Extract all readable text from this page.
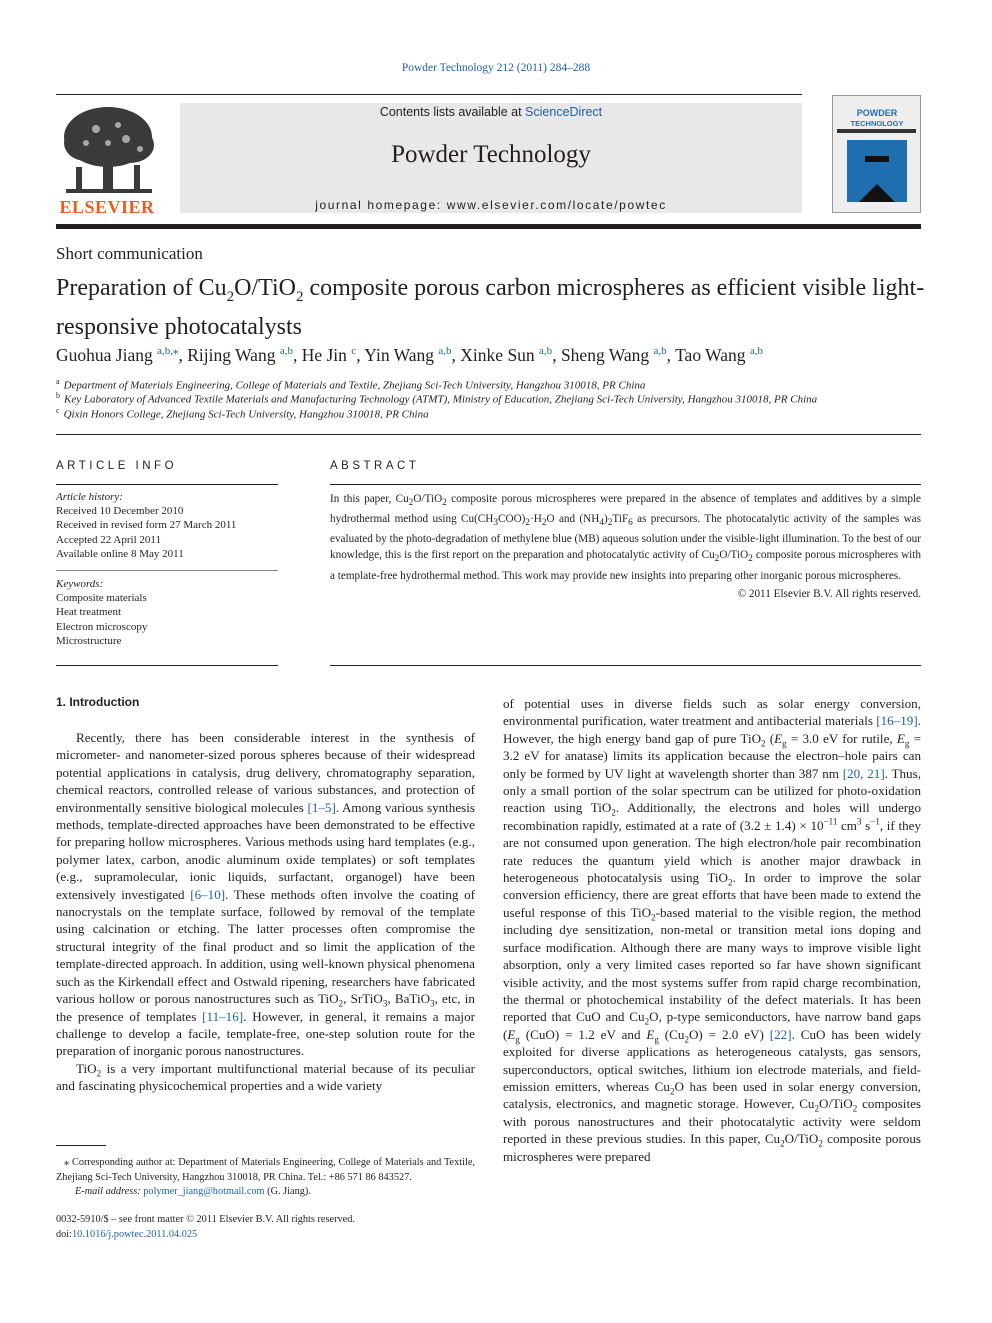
Powder Technology 212 (2011) 284–288
ELSEVIER
Contents lists available at ScienceDirect
Powder Technology
journal homepage: www.elsevier.com/locate/powtec
POWDER
TECHNOLOGY
Short communication
Preparation of $Cu_2O/TiO_2$ composite porous carbon microspheres as efficient visible light-responsive photocatalysts
Guohua Jiang $^{a,b,⁎}$, Rijing Wang $^{a,b}$, He Jin $^c$, Yin Wang $^{a,b}$, Xinke Sun $^{a,b}$, Sheng Wang $^{a,b}$, Tao Wang $^{a,b}$
$^a$ Department of Materials Engineering, College of Materials and Textile, Zhejiang Sci-Tech University, Hangzhou 310018, PR China
$^b$ Key Laboratory of Advanced Textile Materials and Manufacturing Technology (ATMT), Ministry of Education, Zhejiang Sci-Tech University, Hangzhou 310018, PR China
$^c$ Qixin Honors College, Zhejiang Sci-Tech University, Hangzhou 310018, PR China
ARTICLE INFO
Article history:
Received 10 December 2010
Received in revised form 27 March 2011
Accepted 22 April 2011
Available online 8 May 2011
Keywords:
Composite materials
Heat treatment
Electron microscopy
Microstructure
ABSTRACT
In this paper, $Cu_2O/TiO_2$ composite porous microspheres were prepared in the absence of templates and additives by a simple hydrothermal method using $Cu(CH_3COO)_2\cdot H_2O$ and $(NH_4)_2TiF_6$ as precursors. The photocatalytic activity of the samples was evaluated by the photo-degradation of methylene blue (MB) aqueous solution under the visible-light illumination. To the best of our knowledge, this is the first report on the preparation and photocatalytic activity of $Cu_2O/TiO_2$ composite porous microspheres with a template-free hydrothermal method. This work may provide new insights into preparing other inorganic porous microspheres.
© 2011 Elsevier B.V. All rights reserved.
1. Introduction

Recently, there has been considerable interest in the synthesis of micrometer- and nanometer-sized porous spheres because of their widespread potential applications in catalysis, drug delivery, chromatography separation, chemical reactors, controlled release of various substances, and protection of environmentally sensitive biological molecules [1–5]. Among various synthesis methods, template-directed approaches have been demonstrated to be effective for preparing hollow microspheres. Various methods using hard templates (e.g., polymer latex, carbon, anodic aluminum oxide templates) or soft templates (e.g., supramolecular, ionic liquids, surfactant, organogel) have been extensively investigated [6–10]. These methods often involve the coating of nanocrystals on the template surface, followed by removal of the template using calcination or etching. The latter processes often compromise the structural integrity of the final product and so limit the application of the template-directed approach. In addition, using well-known physical phenomena such as the Kirkendall effect and Ostwald ripening, researchers have fabricated various hollow or porous nanostructures such as TiO$_2$, SrTiO$_3$, BaTiO$_3$, etc, in the presence of templates [11–16]. However, in general, it remains a major challenge to develop a facile, template-free, one-step solution route for the preparation of inorganic porous nanostructures.

TiO$_2$ is a very important multifunctional material because of its peculiar and fascinating physicochemical properties and a wide variety

of potential uses in diverse fields such as solar energy conversion, environmental purification, water treatment and antibacterial materials [16–19]. However, the high energy band gap of pure TiO$_2$ ($E_g = 3.0$ eV for rutile, $E_g = 3.2$ eV for anatase) limits its application because the electron–hole pairs can only be formed by UV light at wavelength shorter than 387 nm [20, 21]. Thus, only a small portion of the solar spectrum can be utilized for photo-oxidation reaction using TiO$_2$. Additionally, the electrons and holes will undergo recombination rapidly, estimated at a rate of $(3.2 \pm 1.4) \times 10^{-11}$ $cm^3$ $s^{-1}$, if they are not consumed upon generation. The high electron/hole pair recombination rate reduces the quantum yield which is another major drawback in heterogeneous photocatalysis using TiO$_2$. In order to improve the solar conversion efficiency, there are great efforts that have been made to extend the useful response of this TiO$_2$-based material to the visible region, the method including dye sensitization, non-metal or transition metal ions doping and surface modification. Although there are many ways to improve visible light absorption, only a very limited cases reported so far have shown significant visible activity, and the most systems suffer from rapid charge recombination, the thermal or photochemical instability of the defect materials. It has been reported that CuO and $Cu_2O$, p-type semiconductors, have narrow band gaps ($E_g$ (CuO) = 1.2 eV and $E_g$ $(Cu_2O) = 2.0$ eV) [22]. CuO has been widely exploited for diverse applications as heterogeneous catalysts, gas sensors, superconductors, optical switches, lithium ion electrode materials, and field-emission emitters, whereas $Cu_2O$ has been used in solar energy conversion, catalysis, electronics, and magnetic storage. However, $Cu_2O/TiO_2$ composites with porous nanostructures and their photocatalytic activity were seldom reported in these previous studies. In this paper, $Cu_2O/TiO_2$ composite porous microspheres were prepared

⁎ Corresponding author at: Department of Materials Engineering, College of Materials and Textile, Zhejiang Sci-Tech University, Hangzhou 310018, PR China. Tel.: +86 571 86 843527.
E-mail address: polymer_jiang@hotmail.com (G. Jiang).
0032-5910/$ – see front matter © 2011 Elsevier B.V. All rights reserved.
doi:10.1016/j.powtec.2011.04.025
